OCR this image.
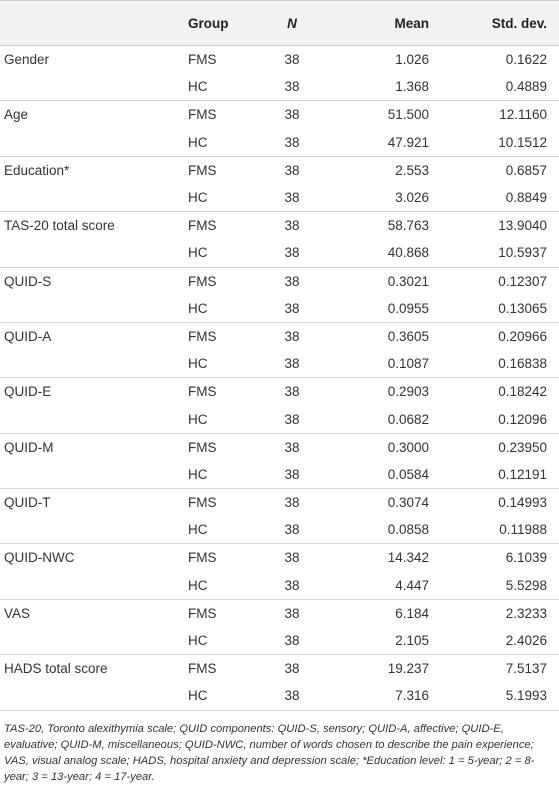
	Group	N	Mean	Std. dev.
Gender	FMS	38	1.026	0.1622
	HC	38	1.368	0.4889
Age	FMS	38	51.500	12.1160
	HC	38	47.921	10.1512
Education*	FMS	38	2.553	0.6857
	HC	38	3.026	0.8849
TAS-20 total score	FMS	38	58.763	13.9040
	HC	38	40.868	10.5937
QUID-S	FMS	38	0.3021	0.12307
	HC	38	0.0955	0.13065
QUID-A	FMS	38	0.3605	0.20966
	HC	38	0.1087	0.16838
QUID-E	FMS	38	0.2903	0.18242
	HC	38	0.0682	0.12096
QUID-M	FMS	38	0.3000	0.23950
	HC	38	0.0584	0.12191
QUID-T	FMS	38	0.3074	0.14993
	HC	38	0.0858	0.11988
QUID-NWC	FMS	38	14.342	6.1039
	HC	38	4.447	5.5298
VAS	FMS	38	6.184	2.3233
	HC	38	2.105	2.4026
HADS total score	FMS	38	19.237	7.5137
	HC	38	7.316	5.1993
TAS-20, Toronto alexithymia scale; QUID components: QUID-S, sensory; QUID-A, affective; QUID-E, evaluative; QUID-M, miscellaneous; QUID-NWC, number of words chosen to describe the pain experience; VAS, visual analog scale; HADS, hospital anxiety and depression scale; *Education level: 1 = 5-year; 2 = 8-year; 3 = 13-year; 4 = 17-year.
